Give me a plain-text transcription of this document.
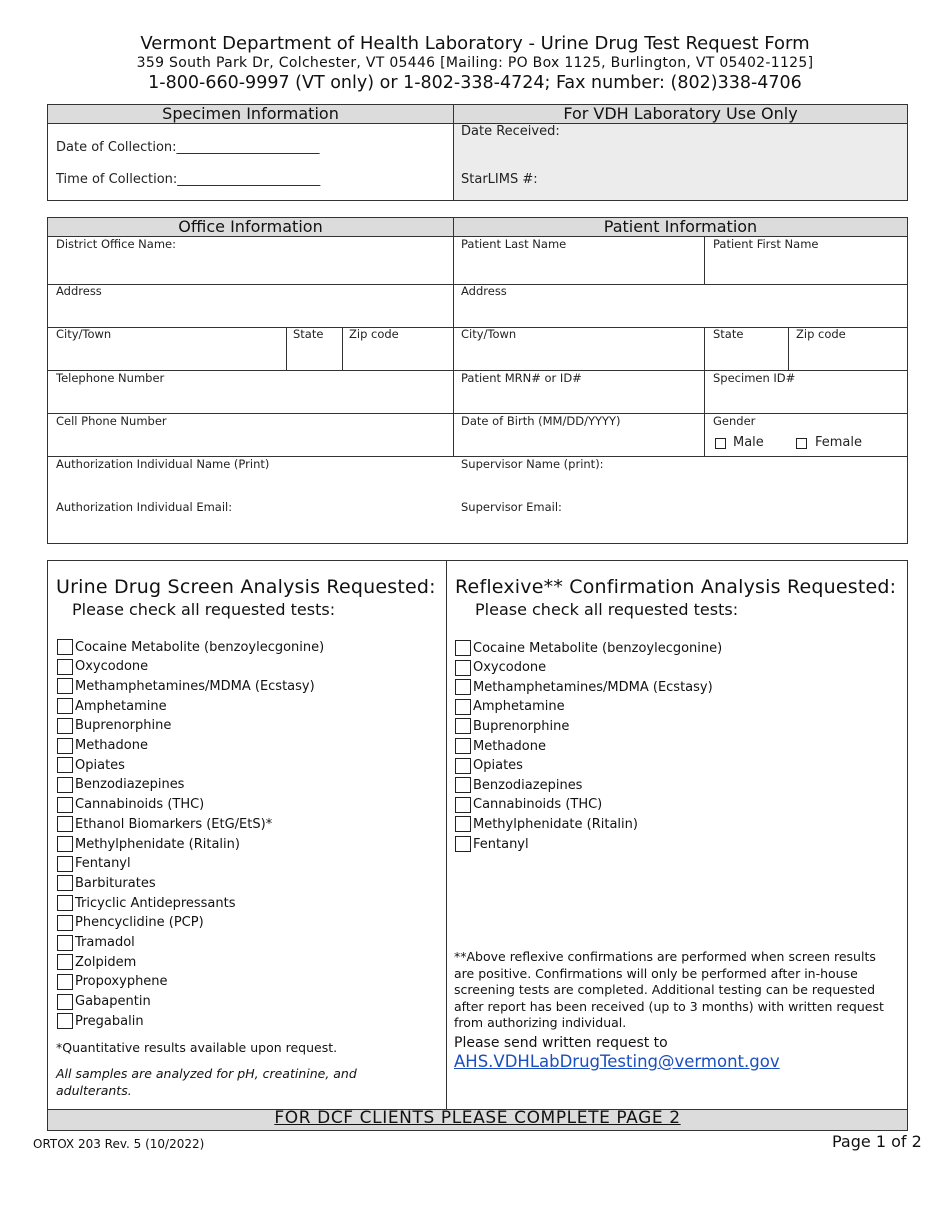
Vermont Department of Health Laboratory - Urine Drug Test Request Form
359 South Park Dr, Colchester, VT 05446 [Mailing: PO Box 1125, Burlington, VT 05402-1125]
1-800-660-9997 (VT only) or 1-802-338-4724; Fax number: (802)338-4706
Specimen Information	For VDH Laboratory Use Only
Date of Collection:______________________
Time of Collection:______________________
Date Received:
StarLIMS #:
Office Information	Patient Information
District Office Name:
Address
City/Town	State Zip code
Telephone Number
Cell Phone Number
Authorization Individual Name (Print)
Authorization Individual Email:
Patient Last Name	Patient First Name
Address
City/Town	State	Zip code
Patient MRN# or ID#	Specimen ID#
Date of Birth (MM/DD/YYYY)	Gender
Male	Female
Supervisor Name (print):
Supervisor Email:
Urine Drug Screen Analysis Requested:
Please check all requested tests:
Cocaine Metabolite (benzoylecgonine)
Oxycodone
Methamphetamines/MDMA (Ecstasy)
Amphetamine
Buprenorphine
Methadone
Opiates
Benzodiazepines
Cannabinoids (THC)
Ethanol Biomarkers (EtG/EtS)*
Methylphenidate (Ritalin)
Fentanyl
Barbiturates
Tricyclic Antidepressants
Phencyclidine (PCP)
Tramadol
Zolpidem
Propoxyphene
Gabapentin
Pregabalin
*Quantitative results available upon request.
All samples are analyzed for pH, creatinine, and adulterants.
Reflexive** Confirmation Analysis Requested:
Please check all requested tests:
Cocaine Metabolite (benzoylecgonine)
Oxycodone
Methamphetamines/MDMA (Ecstasy)
Amphetamine
Buprenorphine
Methadone
Opiates
Benzodiazepines
Cannabinoids (THC)
Methylphenidate (Ritalin)
Fentanyl
**Above reflexive confirmations are performed when screen results are positive. Confirmations will only be performed after in-house screening tests are completed. Additional testing can be requested after report has been received (up to 3 months) with written request from authorizing individual.
Please send written request to
AHS.VDHLabDrugTesting@vermont.gov
FOR DCF CLIENTS PLEASE COMPLETE PAGE 2
ORTOX 203 Rev. 5 (10/2022)	Page 1 of 2
